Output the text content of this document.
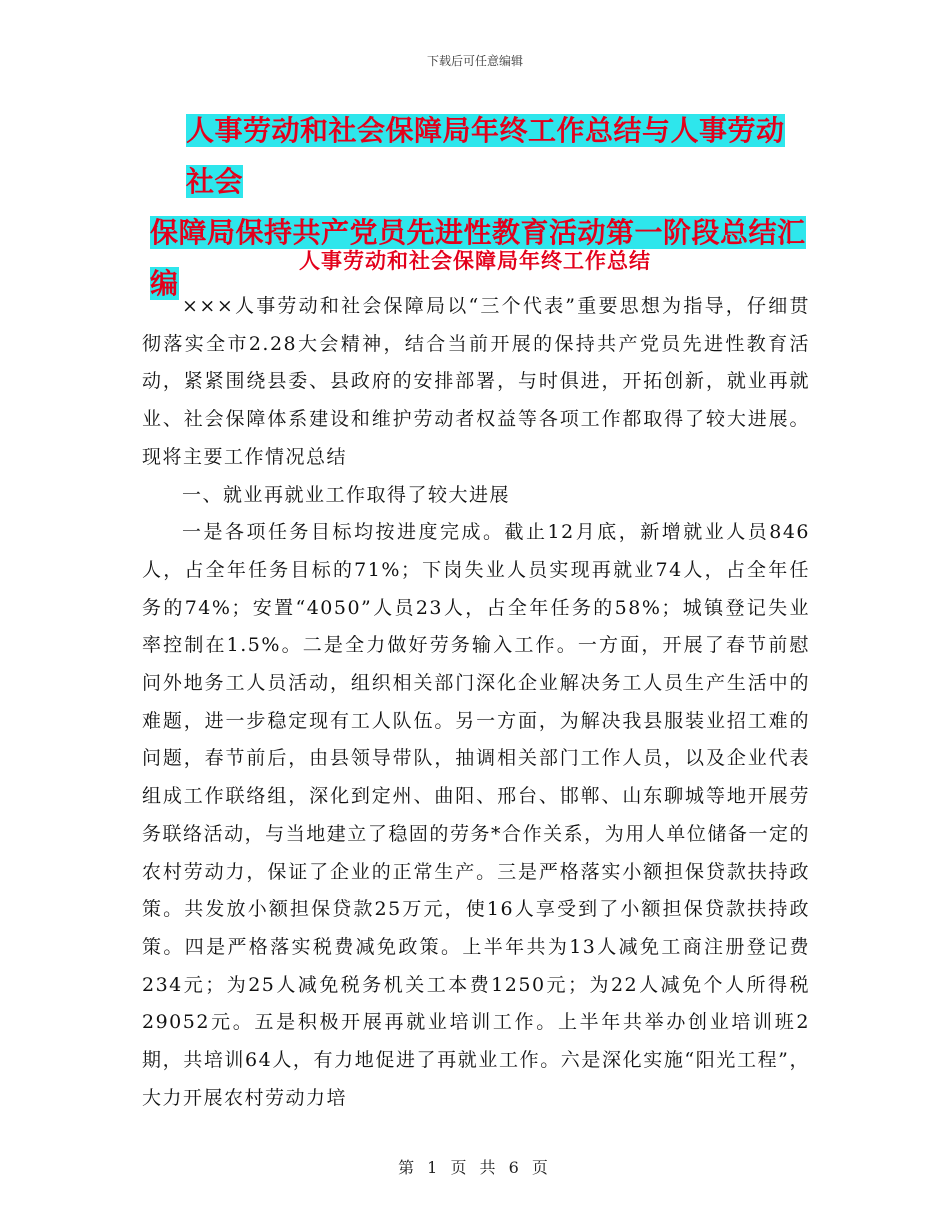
下载后可任意编辑
人事劳动和社会保障局年终工作总结与人事劳动社会
保障局保持共产党员先进性教育活动第一阶段总结汇编
人事劳动和社会保障局年终工作总结

×××人事劳动和社会保障局以“三个代表”重要思想为指导，仔细贯彻落实全市2.28大会精神，结合当前开展的保持共产党员先进性教育活动，紧紧围绕县委、县政府的安排部署，与时俱进，开拓创新，就业再就业、社会保障体系建设和维护劳动者权益等各项工作都取得了较大进展。现将主要工作情况总结

一、就业再就业工作取得了较大进展

一是各项任务目标均按进度完成。截止12月底，新增就业人员846人，占全年任务目标的71%；下岗失业人员实现再就业74人，占全年任务的74%；安置“4050”人员23人，占全年任务的58%；城镇登记失业率控制在1.5%。二是全力做好劳务输入工作。一方面，开展了春节前慰问外地务工人员活动，组织相关部门深化企业解决务工人员生产生活中的难题，进一步稳定现有工人队伍。另一方面，为解决我县服装业招工难的问题，春节前后，由县领导带队，抽调相关部门工作人员，以及企业代表组成工作联络组，深化到定州、曲阳、邢台、邯郸、山东聊城等地开展劳务联络活动，与当地建立了稳固的劳务*合作关系，为用人单位储备一定的农村劳动力，保证了企业的正常生产。三是严格落实小额担保贷款扶持政策。共发放小额担保贷款25万元，使16人享受到了小额担保贷款扶持政策。四是严格落实税费减免政策。上半年共为13人减免工商注册登记费234元；为25人减免税务机关工本费1250元；为22人减免个人所得税29052元。五是积极开展再就业培训工作。上半年共举办创业培训班2期，共培训64人，有力地促进了再就业工作。六是深化实施“阳光工程”，大力开展农村劳动力培

第 1 页 共 6 页
